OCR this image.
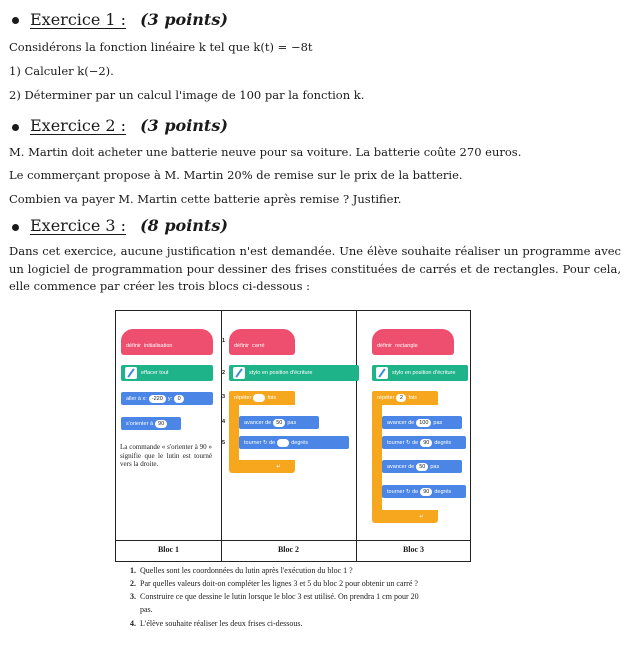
Exercice 1 : (3 points)
Considérons la fonction linéaire k tel que k(t) = −8t
1) Calculer k(−2).
2) Déterminer par un calcul l'image de 100 par la fonction k.
Exercice 2 : (3 points)
M. Martin doit acheter une batterie neuve pour sa voiture. La batterie coûte 270 euros.
Le commerçant propose à M. Martin 20% de remise sur le prix de la batterie.
Combien va payer M. Martin cette batterie après remise ? Justifier.
Exercice 3 : (8 points)
Dans cet exercice, aucune justification n'est demandée. Une élève souhaite réaliser un programme avec un logiciel de programmation pour dessiner des frises constituées de carrés et de rectangles. Pour cela, elle commence par créer les trois blocs ci-dessous :
Bloc 1	Bloc 2	Bloc 3
définir
initialisation
effacer tout
aller à x: -220 y: 0
s'orienter à 90
La commande « s'orienter à 90 » signifie que le lutin est tourné vers la droite.
définir
carré
1
stylo en position d'écriture
2
répéter	fois
3
avancer de 50 pas
4
tourner
↻
de	degrés
5
↵
définir
rectangle
stylo en position d'écriture
répéter 2 fois
avancer de 100 pas
tourner
↻
de 90 degrés
avancer de 50 pas
tourner
↻
de 90 degrés
↵
1. Quelles sont les coordonnées du lutin après l'exécution du bloc 1 ?
2. Par quelles valeurs doit-on compléter les lignes 3 et 5 du bloc 2 pour obtenir un carré ?
3. Construire ce que dessine le lutin lorsque le bloc 3 est utilisé. On prendra 1 cm pour 20
pas.
4. L'élève souhaite réaliser les deux frises ci-dessous.
